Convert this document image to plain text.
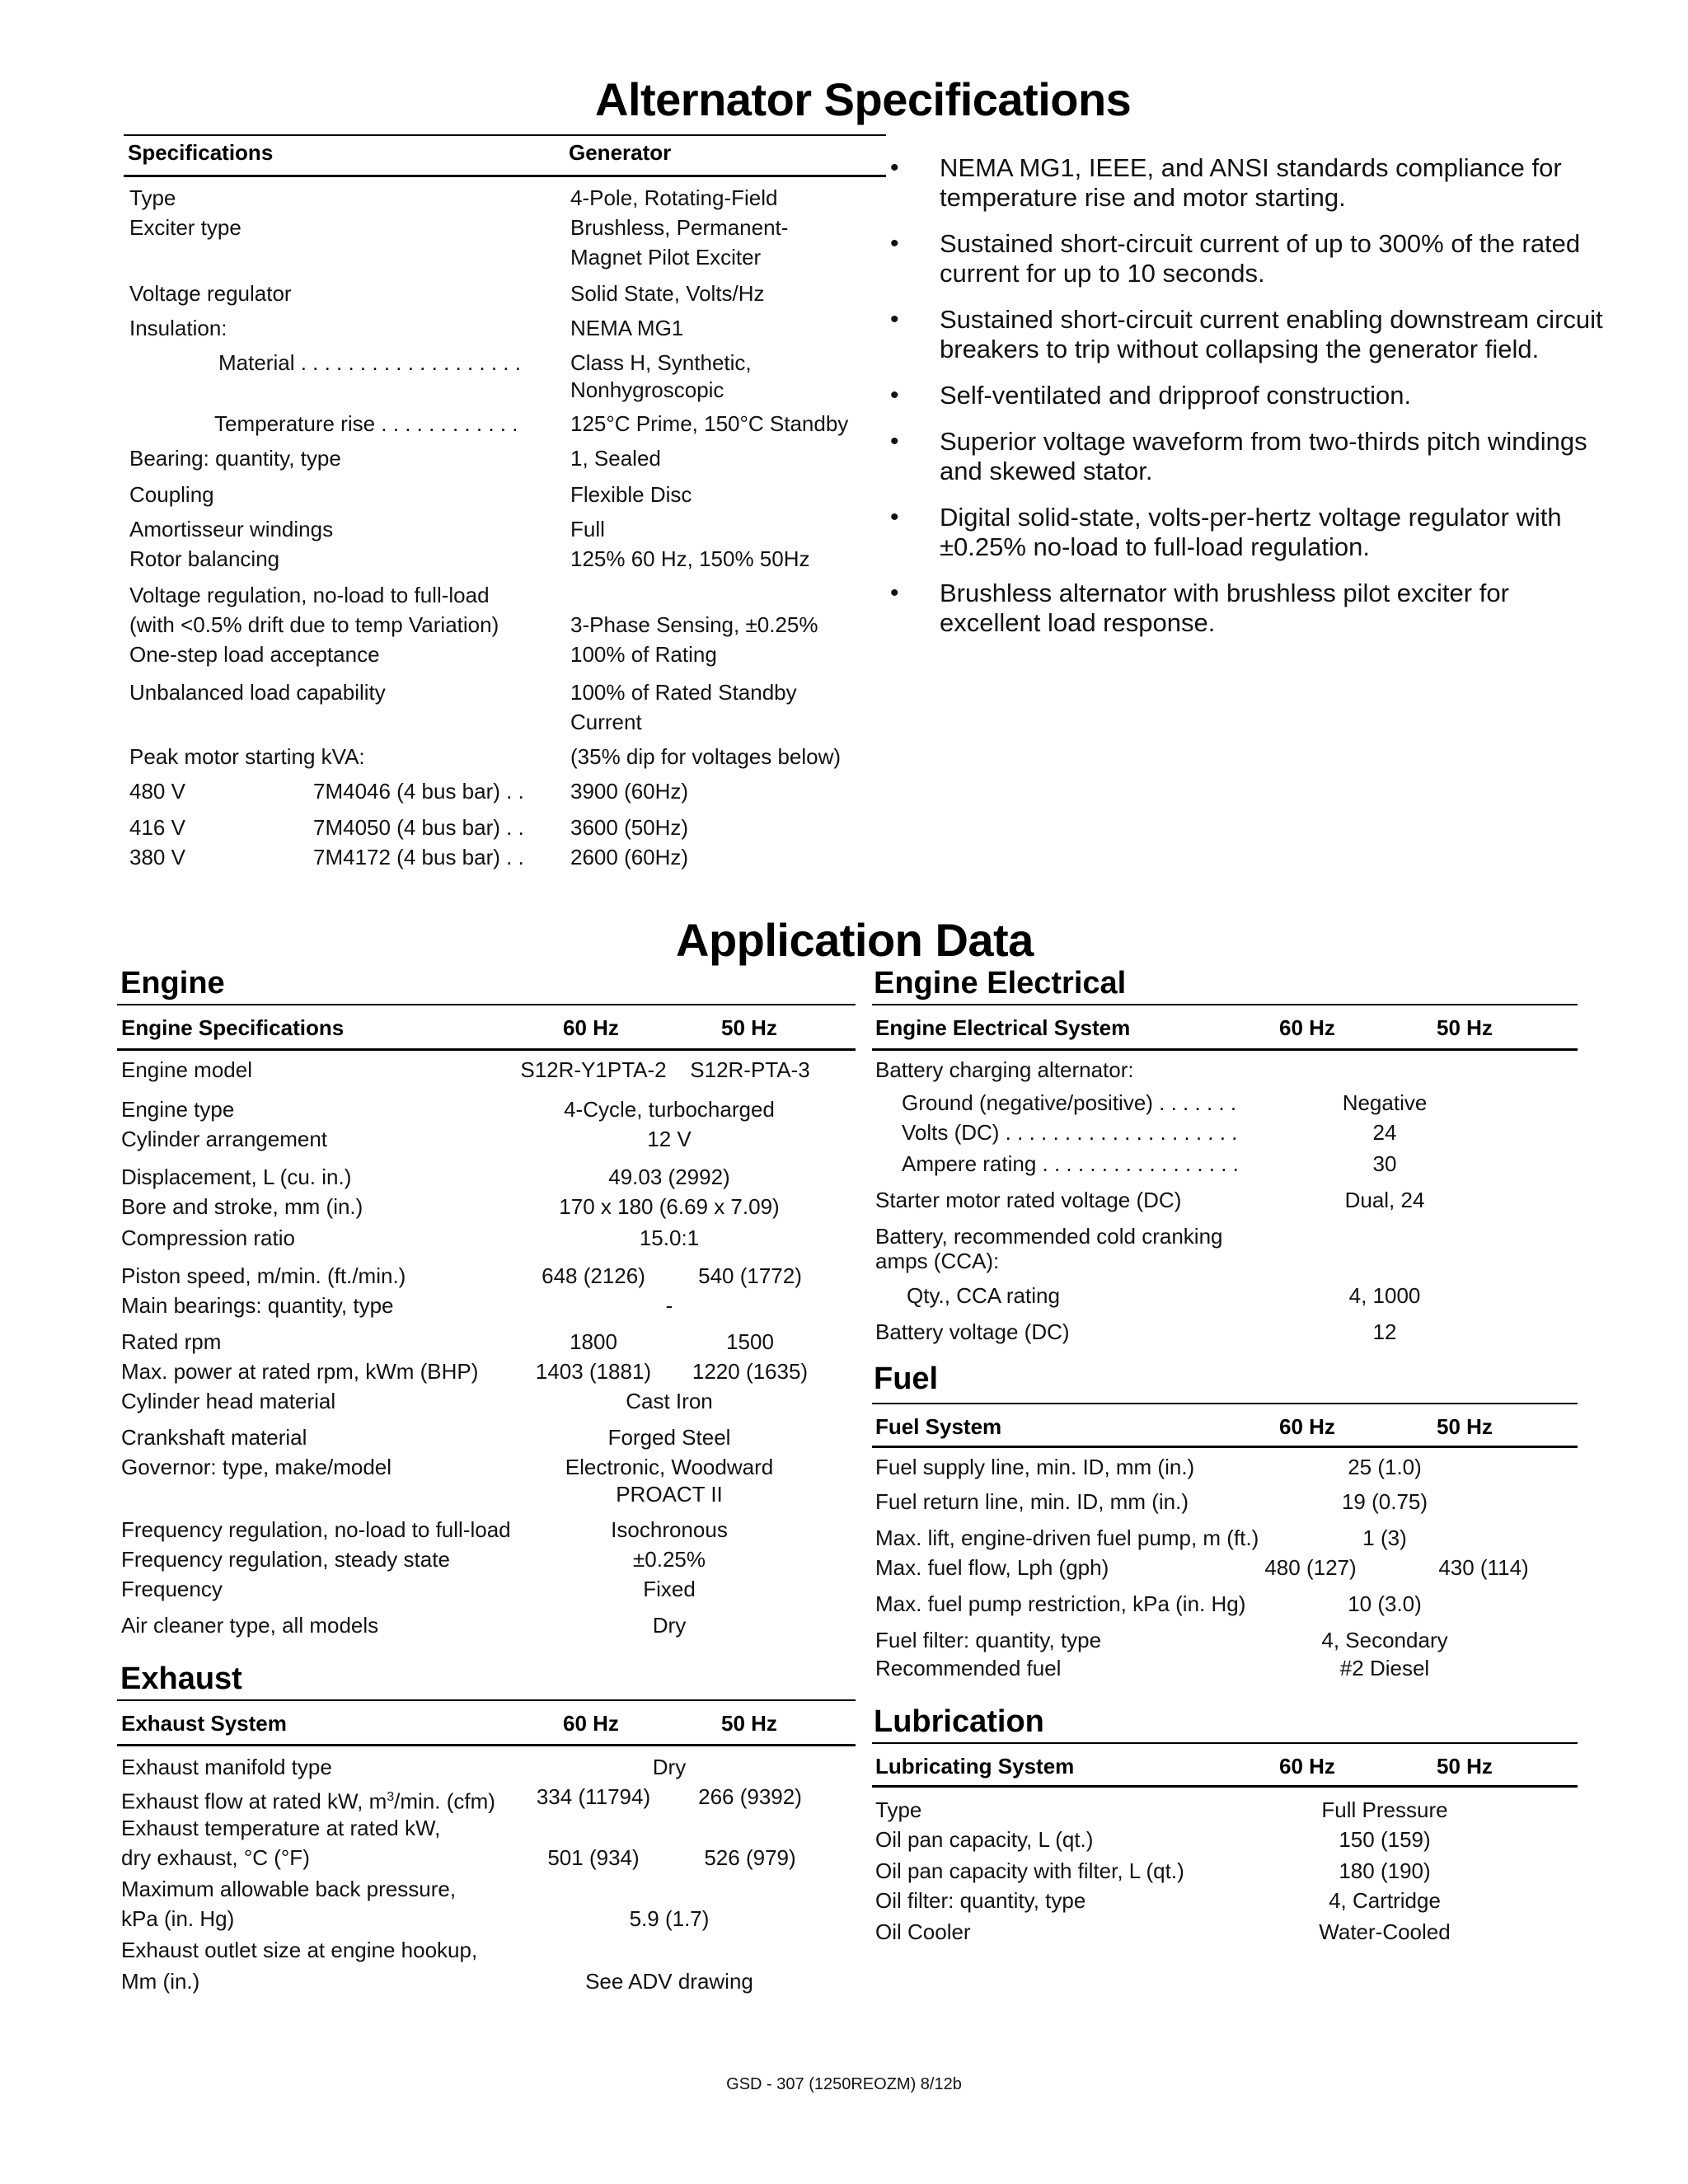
Alternator Specifications
Specifications	Generator
Type	4-Pole, Rotating-Field
Exciter type	Brushless, Permanent-
Magnet Pilot Exciter
Voltage regulator	Solid State, Volts/Hz
Insulation:	NEMA MG1
Material . . . . . . . . . . . . . . . . . . . Class H, Synthetic,
Nonhygroscopic
Temperature rise . . . . . . . . . . . . 125°C Prime, 150°C Standby
Bearing: quantity, type	1, Sealed
Coupling	Flexible Disc
Amortisseur windings	Full
Rotor balancing	125% 60 Hz, 150% 50Hz
Voltage regulation, no-load to full-load
(with <0.5% drift due to temp Variation)	3-Phase Sensing, ±0.25%
One-step load acceptance	100% of Rating
Unbalanced load capability	100% of Rated Standby
Current
Peak motor starting kVA:	(35% dip for voltages below)
480 V	7M4046 (4 bus bar) . . 3900 (60Hz)
416 V	7M4050 (4 bus bar) . . 3600 (50Hz)
380 V	7M4172 (4 bus bar) . . 2600 (60Hz)
• NEMA MG1, IEEE, and ANSI standards compliance for temperature rise and motor starting.
• Sustained short-circuit current of up to 300% of the rated current for up to 10 seconds.
• Sustained short-circuit current enabling downstream circuit breakers to trip without collapsing the generator field.
• Self-ventilated and dripproof construction.
• Superior voltage waveform from two-thirds pitch windings and skewed stator.
• Digital solid-state, volts-per-hertz voltage regulator with ±0.25% no-load to full-load regulation.
• Brushless alternator with brushless pilot exciter for excellent load response.
Application Data
Engine
Engine Specifications	60 Hz	50 Hz
Engine model	S12R-Y1PTA-2	S12R-PTA-3
Engine type	4-Cycle, turbocharged
Cylinder arrangement	12 V
Displacement, L (cu. in.)	49.03 (2992)
Bore and stroke, mm (in.)	170 x 180 (6.69 x 7.09)
Compression ratio	15.0:1
Piston speed, m/min. (ft./min.)	648 (2126)	540 (1772)
Main bearings: quantity, type	-
Rated rpm	1800	1500
Max. power at rated rpm, kWm (BHP)	1403 (1881)	1220 (1635)
Cylinder head material	Cast Iron
Crankshaft material	Forged Steel
Governor: type, make/model	Electronic, Woodward
PROACT II
Frequency regulation, no-load to full-load	Isochronous
Frequency regulation, steady state	±0.25%
Frequency	Fixed
Air cleaner type, all models	Dry
Exhaust
Exhaust System	60 Hz	50 Hz
Exhaust manifold type	Dry
Exhaust flow at rated kW, $m^3/\min$. (cfm)	334 (11794)	266 (9392)
Exhaust temperature at rated kW,
dry exhaust, °C (°F)	501 (934)	526 (979)
Maximum allowable back pressure,
kPa (in. Hg)	5.9 (1.7)
Exhaust outlet size at engine hookup,
Mm (in.)	See ADV drawing
Engine Electrical
Engine Electrical System	60 Hz	50 Hz
Battery charging alternator:
Ground (negative/positive) . . . . . . .	Negative
Volts (DC) . . . . . . . . . . . . . . . . . . . .	24
Ampere rating . . . . . . . . . . . . . . . . .	30
Starter motor rated voltage (DC)	Dual, 24
Battery, recommended cold cranking
amps (CCA):
Qty., CCA rating	4, 1000
Battery voltage (DC)	12
Fuel
Fuel System	60 Hz	50 Hz
Fuel supply line, min. ID, mm (in.)	25 (1.0)
Fuel return line, min. ID, mm (in.)	19 (0.75)
Max. lift, engine-driven fuel pump, m (ft.)	1 (3)
Max. fuel flow, Lph (gph)	480 (127)	430 (114)
Max. fuel pump restriction, kPa (in. Hg)	10 (3.0)
Fuel filter: quantity, type	4, Secondary
Recommended fuel	#2 Diesel
Lubrication
Lubricating System	60 Hz	50 Hz
Type	Full Pressure
Oil pan capacity, L (qt.)	150 (159)
Oil pan capacity with filter, L (qt.)	180 (190)
Oil filter: quantity, type	4, Cartridge
Oil Cooler	Water-Cooled
GSD - 307 (1250REOZM) 8/12b
